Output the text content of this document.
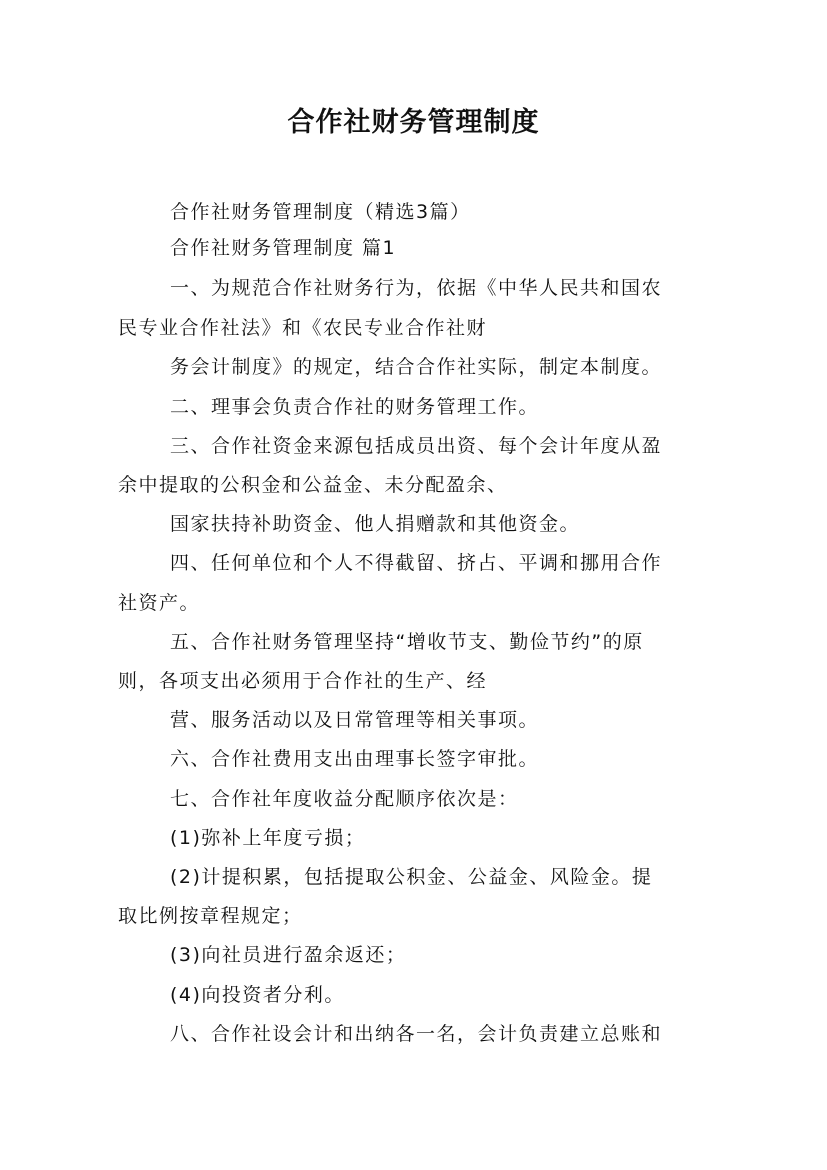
合作社财务管理制度
合作社财务管理制度（精选3篇）
合作社财务管理制度 篇1
一、为规范合作社财务行为，依据《中华人民共和国农
民专业合作社法》和《农民专业合作社财
务会计制度》的规定，结合合作社实际，制定本制度。
二、理事会负责合作社的财务管理工作。
三、合作社资金来源包括成员出资、每个会计年度从盈
余中提取的公积金和公益金、未分配盈余、
国家扶持补助资金、他人捐赠款和其他资金。
四、任何单位和个人不得截留、挤占、平调和挪用合作
社资产。
五、合作社财务管理坚持“增收节支、勤俭节约”的原
则，各项支出必须用于合作社的生产、经
营、服务活动以及日常管理等相关事项。
六、合作社费用支出由理事长签字审批。
七、合作社年度收益分配顺序依次是：
(1)弥补上年度亏损；
(2)计提积累，包括提取公积金、公益金、风险金。提
取比例按章程规定；
(3)向社员进行盈余返还；
(4)向投资者分利。
八、合作社设会计和出纳各一名，会计负责建立总账和
